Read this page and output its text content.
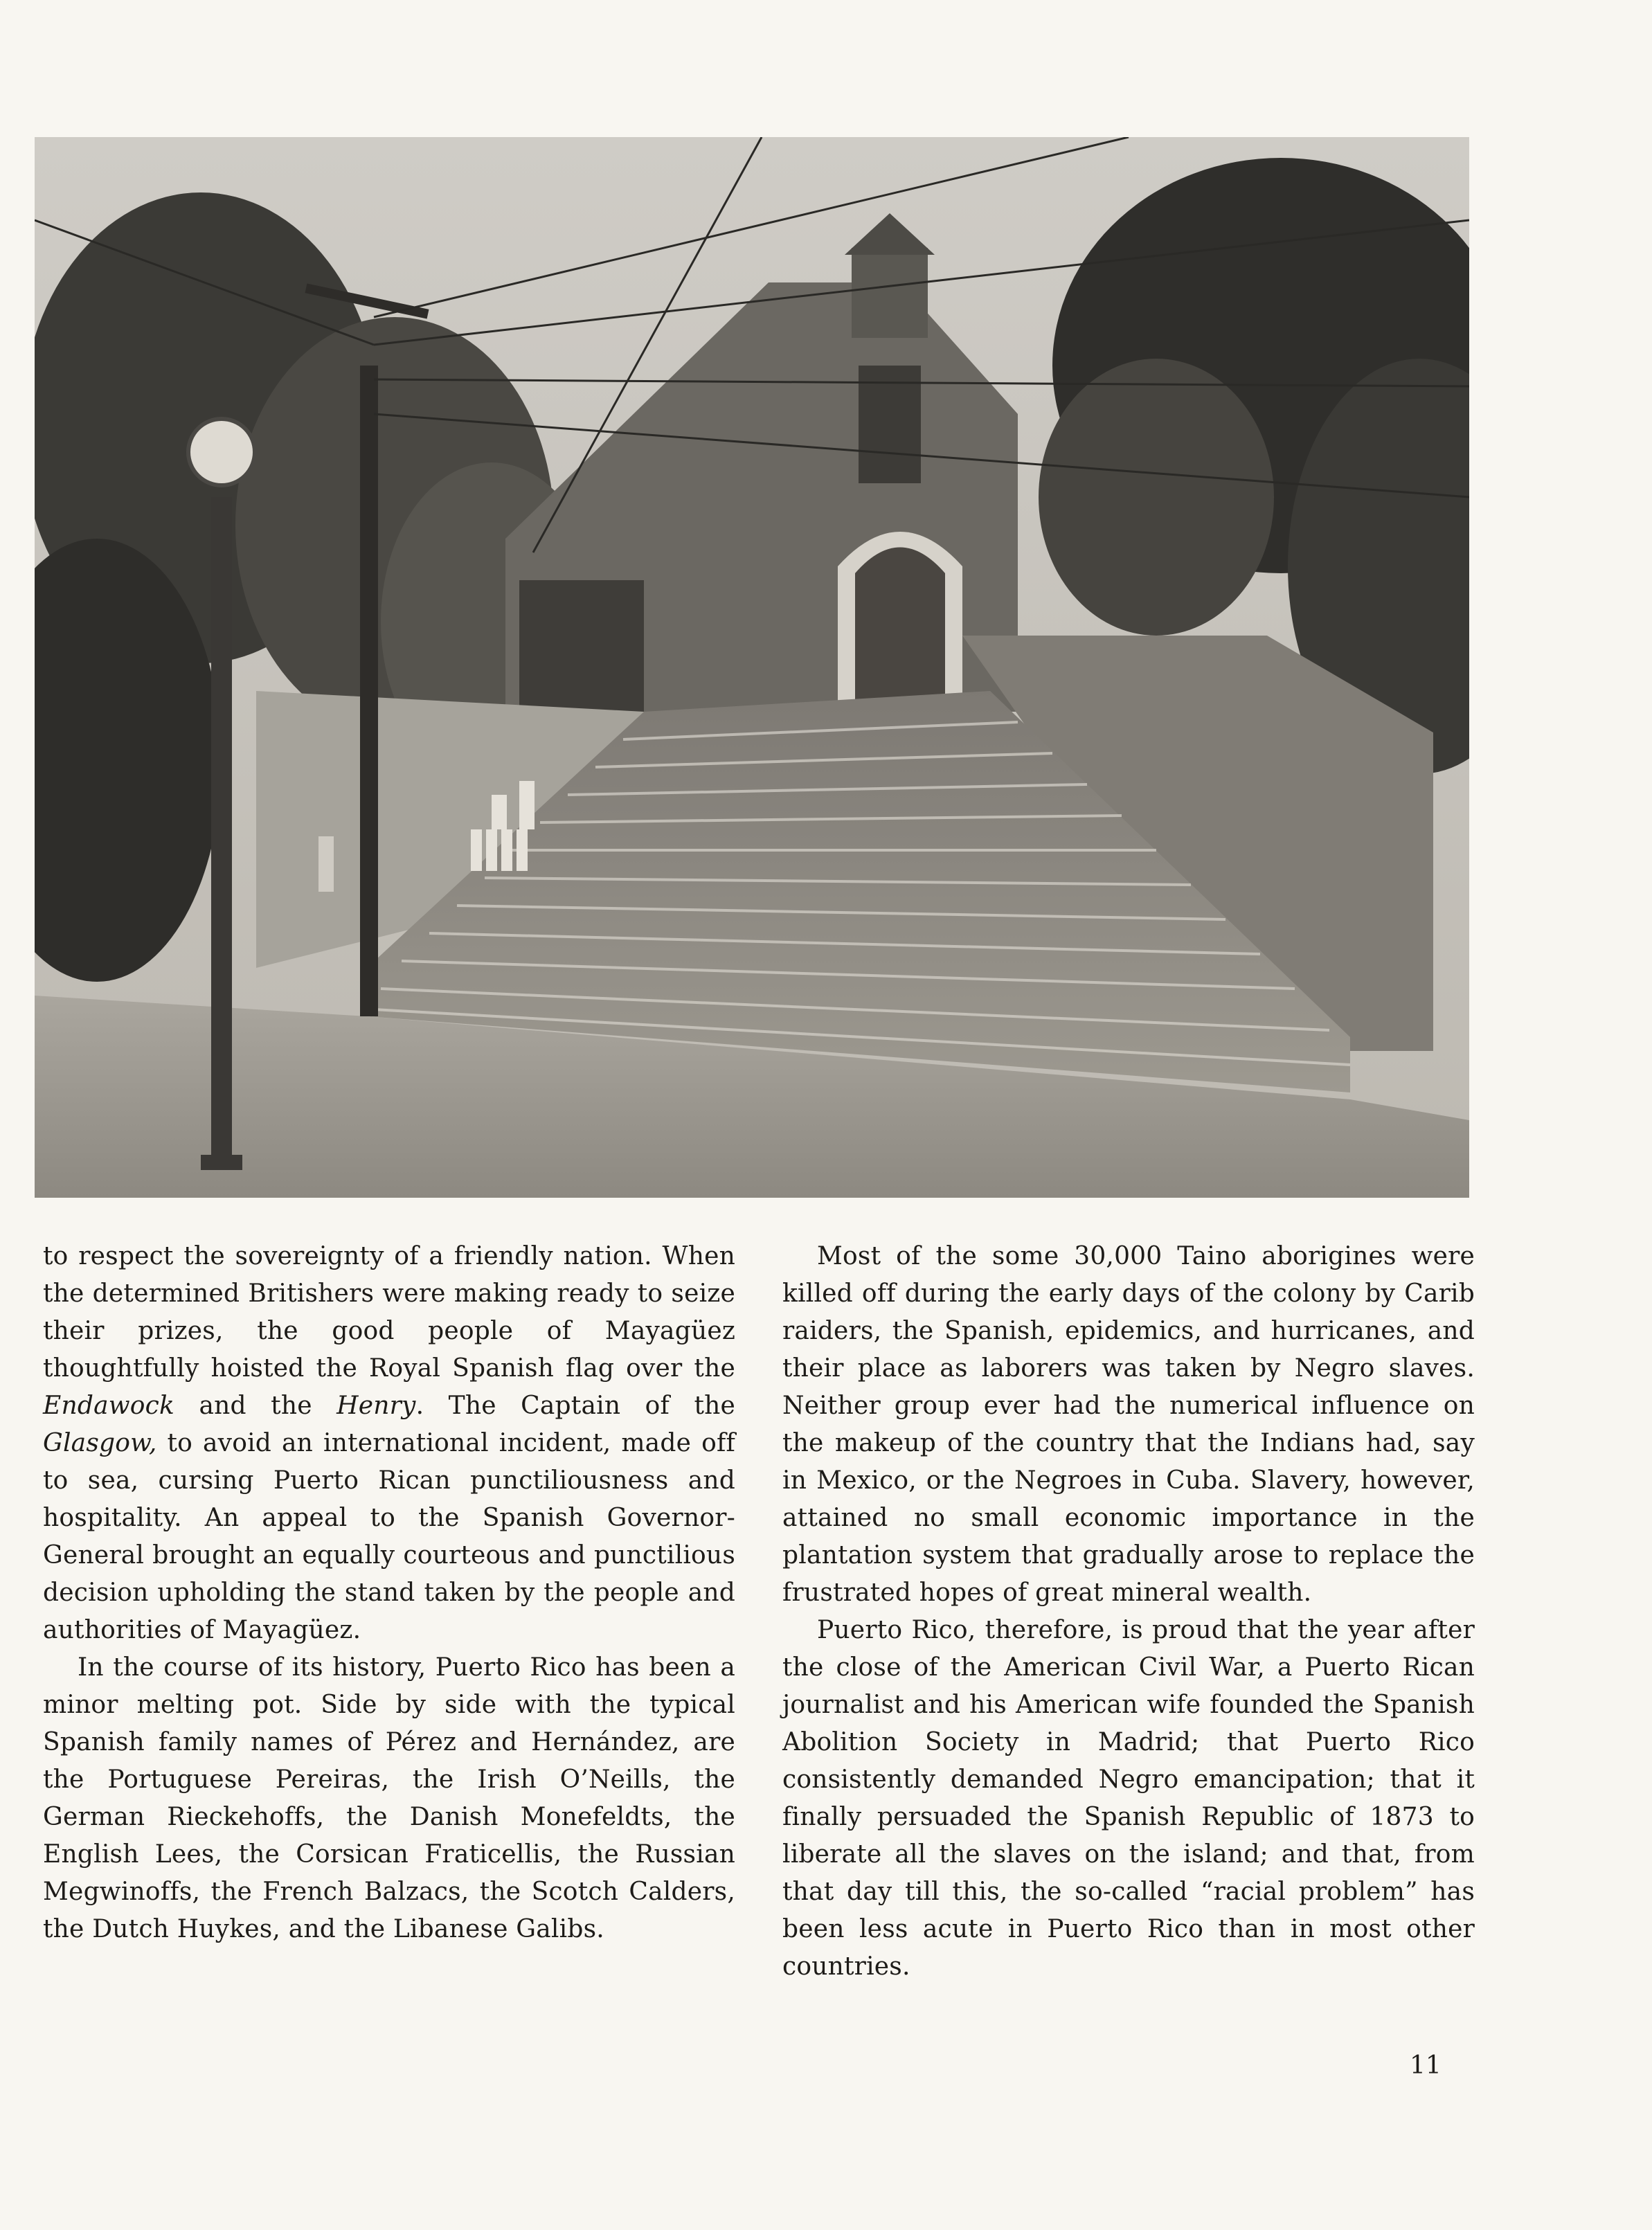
to respect the sovereignty of a friendly nation. When the determined Britishers were making ready to seize their prizes, the good people of Mayagüez thoughtfully hoisted the Royal Spanish flag over the Endawock and the Henry. The Captain of the Glasgow, to avoid an international incident, made off to sea, cursing Puerto Rican punctiliousness and hospitality. An appeal to the Spanish Governor-General brought an equally courteous and punctilious decision upholding the stand taken by the people and authorities of Mayagüez.

In the course of its history, Puerto Rico has been a minor melting pot. Side by side with the typical Spanish family names of Pérez and Hernández, are the Portuguese Pereiras, the Irish O’Neills, the German Rieckehoffs, the Danish Monefeldts, the English Lees, the Corsican Fraticellis, the Russian Megwinoffs, the French Balzacs, the Scotch Calders, the Dutch Huykes, and the Libanese Galibs.

Most of the some 30,000 Taino aborigines were killed off during the early days of the colony by Carib raiders, the Spanish, epidemics, and hurricanes, and their place as laborers was taken by Negro slaves. Neither group ever had the numerical influence on the makeup of the country that the Indians had, say in Mexico, or the Negroes in Cuba. Slavery, however, attained no small economic importance in the plantation system that gradually arose to replace the frustrated hopes of great mineral wealth.

Puerto Rico, therefore, is proud that the year after the close of the American Civil War, a Puerto Rican journalist and his American wife founded the Spanish Abolition Society in Madrid; that Puerto Rico consistently demanded Negro emancipation; that it finally persuaded the Spanish Republic of 1873 to liberate all the slaves on the island; and that, from that day till this, the so-called “racial problem” has been less acute in Puerto Rico than in most other countries.

11
